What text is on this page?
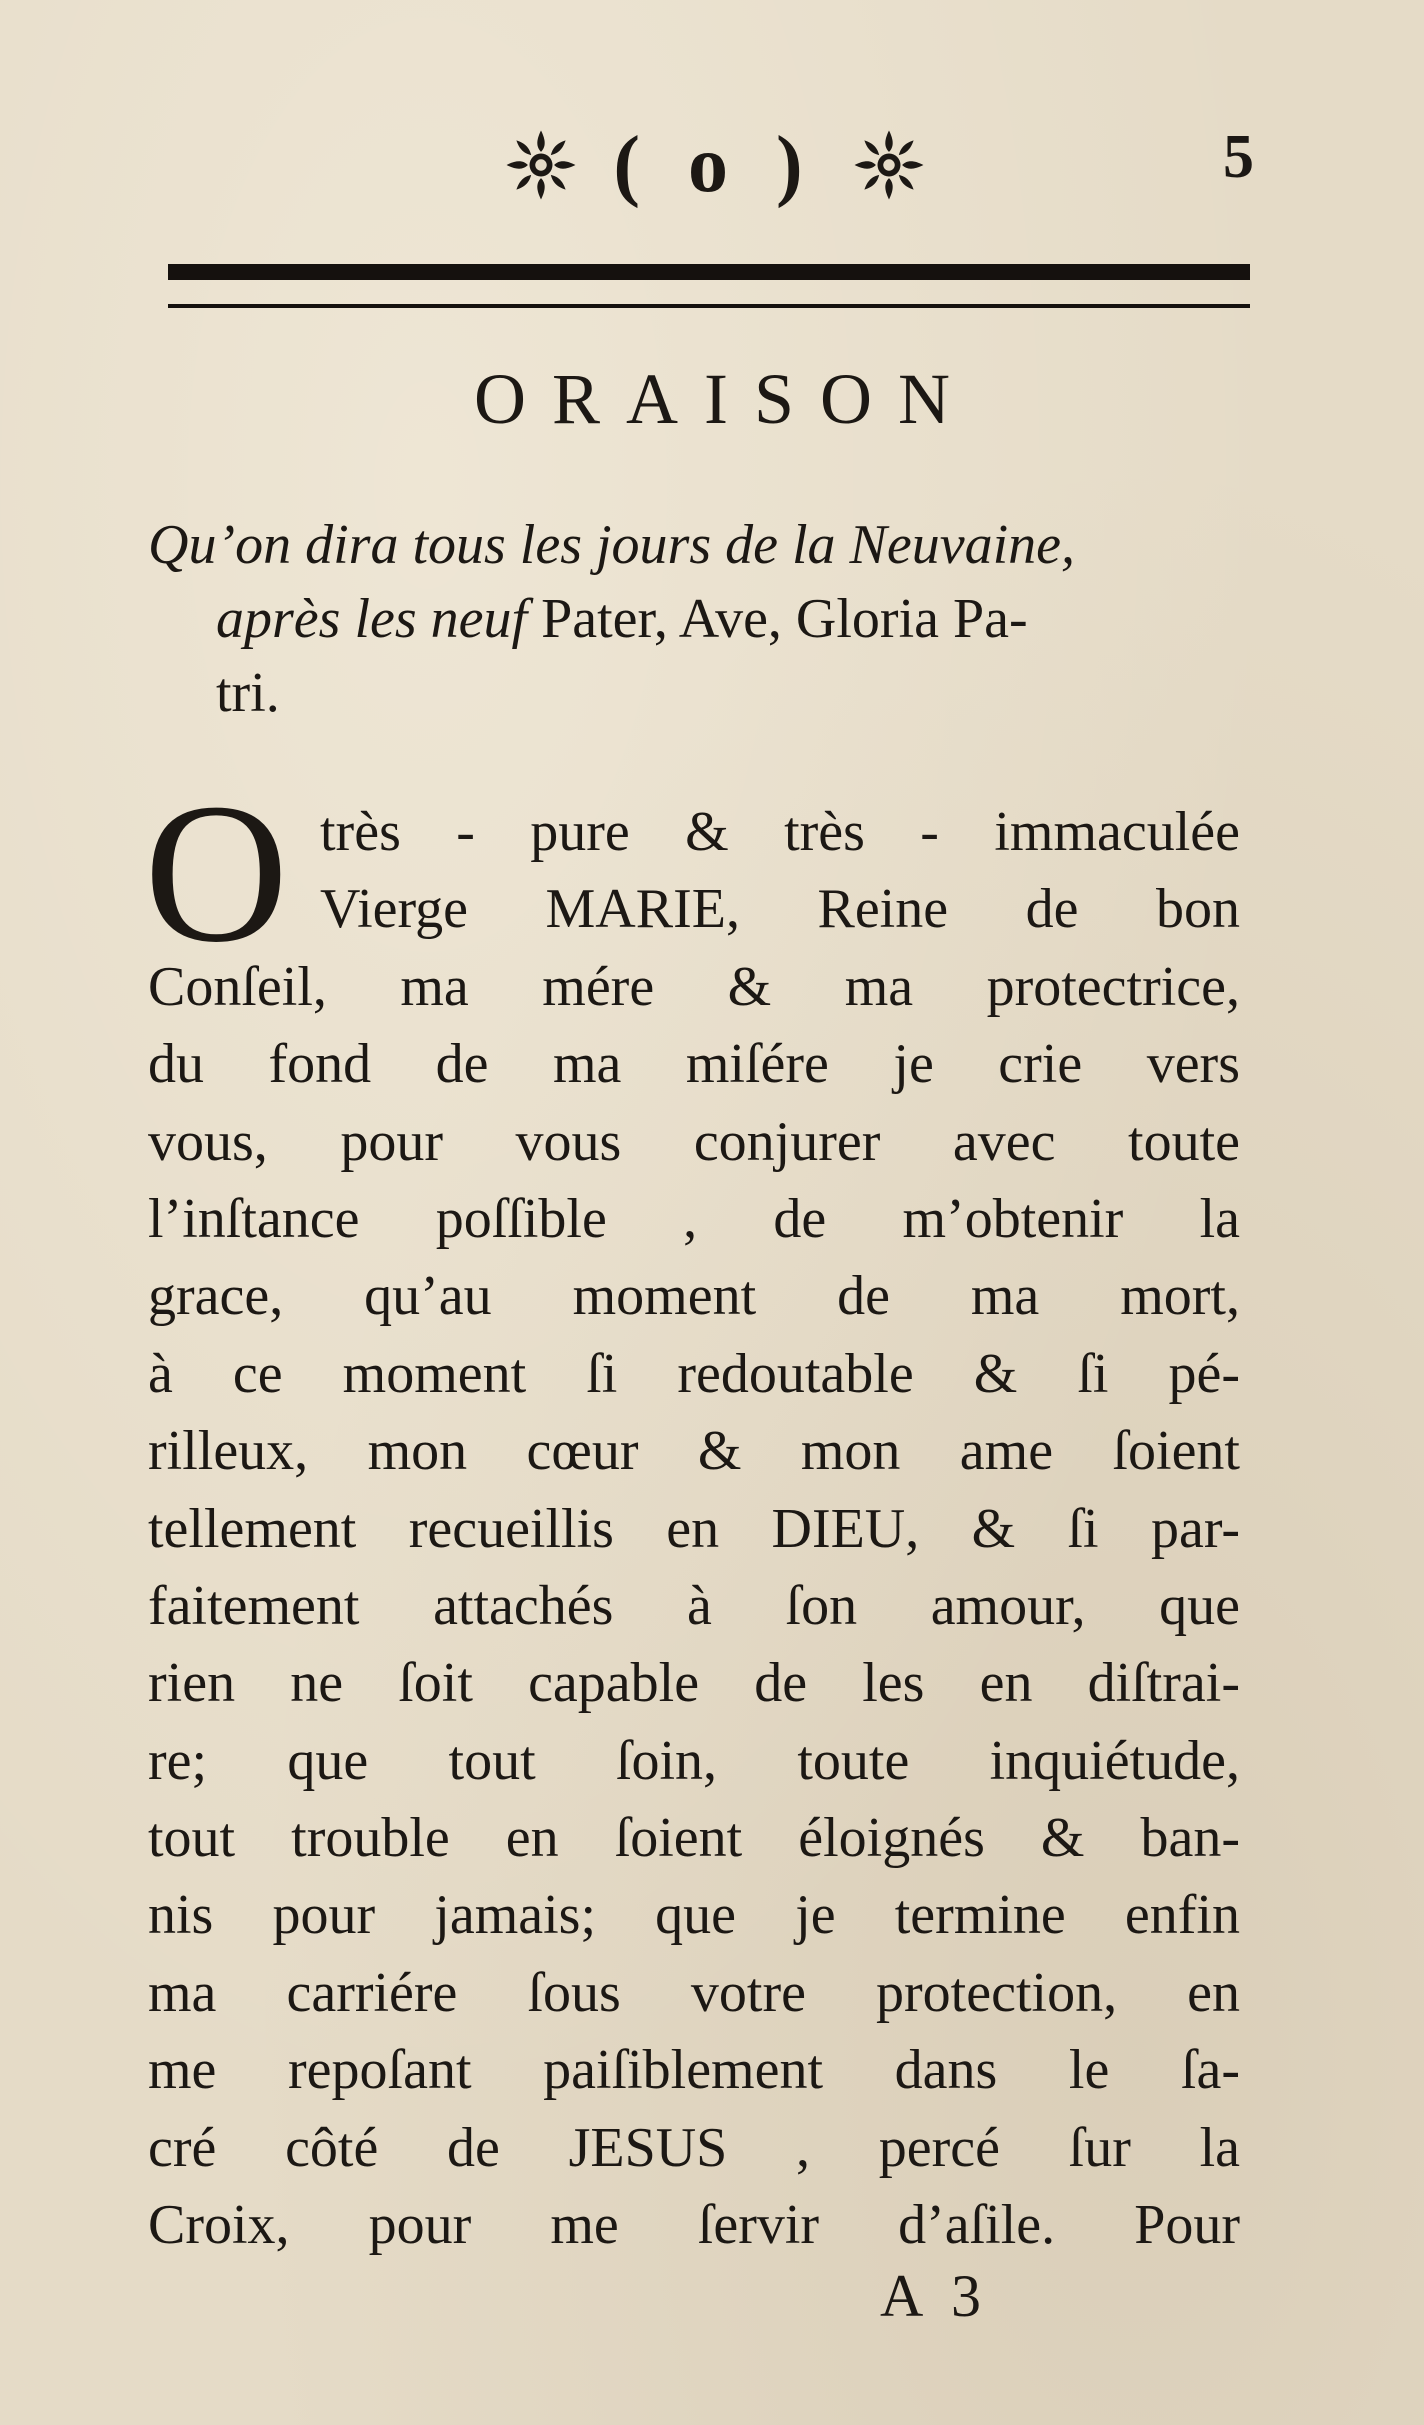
( o )	5
ORAISON
Qu’on dira tous les jours de la Neuvaine,
après les neuf Pater, Ave, Gloria Pa-
tri.
O très - pure & très - immaculée
Vierge MARIE, Reine de bon
Conſeil, ma mére & ma protectrice,
du fond de ma miſére je crie vers
vous, pour vous conjurer avec toute
l’inſtance poſſible , de m’obtenir la
grace, qu’au moment de ma mort,
à ce moment ſi redoutable & ſi pé-
rilleux, mon cœur & mon ame ſoient
tellement recueillis en DIEU, & ſi par-
faitement attachés à ſon amour, que
rien ne ſoit capable de les en diſtrai-
re; que tout ſoin, toute inquiétude,
tout trouble en ſoient éloignés & ban-
nis pour jamais; que je termine enfin
ma carriére ſous votre protection, en
me repoſant paiſiblement dans le ſa-
cré côté de JESUS , percé ſur la
Croix, pour me ſervir d’aſile. Pour
A 3
